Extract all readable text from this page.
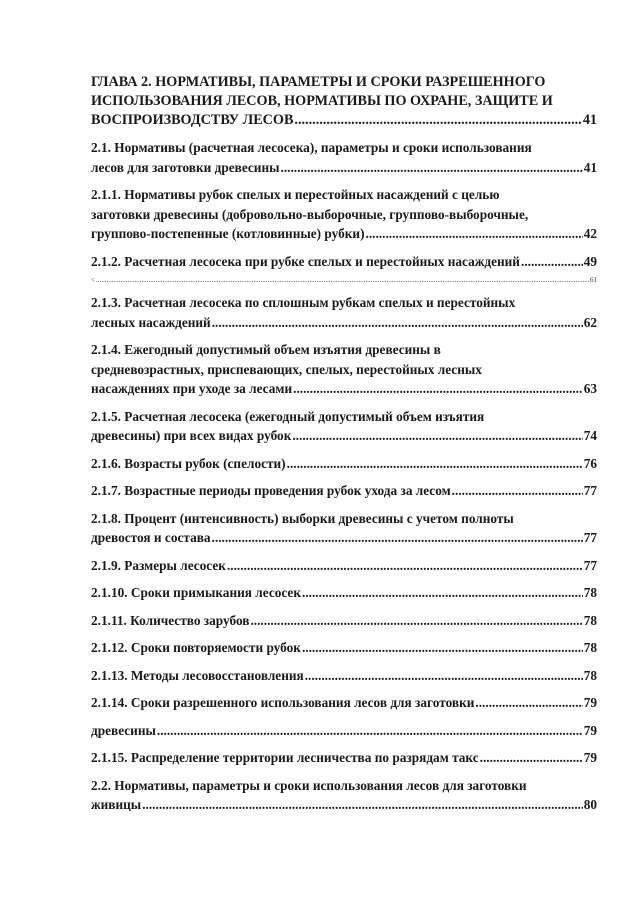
ГЛАВА 2. НОРМАТИВЫ, ПАРАМЕТРЫ И СРОКИ РАЗРЕШЕННОГО
ИСПОЛЬЗОВАНИЯ ЛЕСОВ, НОРМАТИВЫ ПО ОХРАНЕ, ЗАЩИТЕ И
ВОСПРОИЗВОДСТВУ ЛЕСОВ .....	41
2.1. Нормативы (расчетная лесосека), параметры и сроки использования
лесов для заготовки древесины .....	41
2.1.1. Нормативы рубок спелых и перестойных насаждений с целью
заготовки древесины (добровольно-выборочные, группово-выборочные,
группово-постепенные (котловинные) рубки) .....	42
2.1.2. Расчетная лесосека при рубке спелых и перестойных насаждений .....	49
< .....	61
2.1.3. Расчетная лесосека по сплошным рубкам спелых и перестойных
лесных насаждений .....	62
2.1.4. Ежегодный допустимый объем изъятия древесины в
средневозрастных, приспевающих, спелых, перестойных лесных
насаждениях при уходе за лесами .....	63
2.1.5. Расчетная лесосека (ежегодный допустимый объем изъятия
древесины) при всех видах рубок .....	74
2.1.6. Возрасты рубок (спелости) .....	76
2.1.7. Возрастные периоды проведения рубок ухода за лесом .....	77
2.1.8. Процент (интенсивность) выборки древесины с учетом полноты
древостоя и состава .....	77
2.1.9. Размеры лесосек .....	77
2.1.10. Сроки примыкания лесосек .....	78
2.1.11. Количество зарубов .....	78
2.1.12. Сроки повторяемости рубок .....	78
2.1.13. Методы лесовосстановления .....	78
2.1.14. Сроки разрешенного использования лесов для заготовки .....	79
древесины .....	79
2.1.15. Распределение территории лесничества по разрядам такс .....	79
2.2. Нормативы, параметры и сроки использования лесов для заготовки
живицы .....	80
